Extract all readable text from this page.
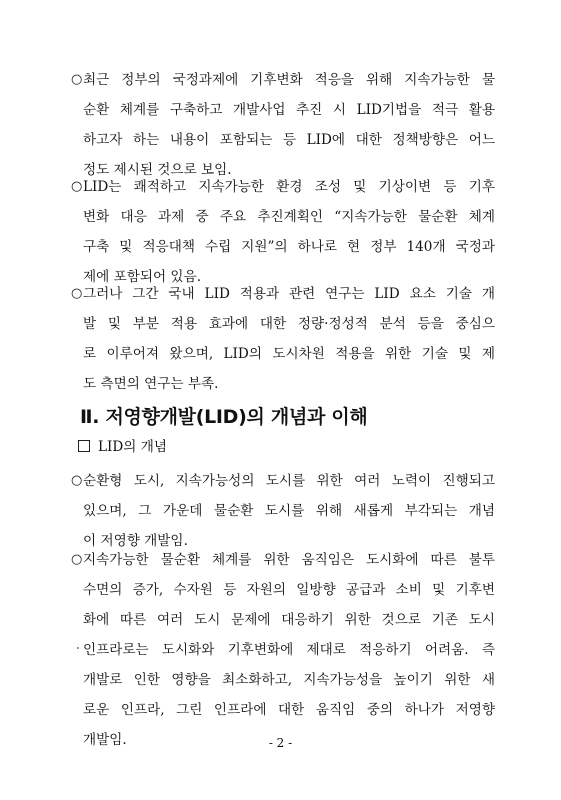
○ 최근 정부의 국정과제에 기후변화 적응을 위해 지속가능한 물
순환 체계를 구축하고 개발사업 추진 시 LID기법을 적극 활용
하고자 하는 내용이 포함되는 등 LID에 대한 정책방향은 어느
정도 제시된 것으로 보임.
○ LID는 쾌적하고 지속가능한 환경 조성 및 기상이변 등 기후
변화 대응 과제 중 주요 추진계획인 “지속가능한 물순환 체계
구축 및 적응대책 수립 지원”의 하나로 현 정부 140개 국정과
제에 포함되어 있음.
○ 그러나 그간 국내 LID 적용과 관련 연구는 LID 요소 기술 개
발 및 부분 적용 효과에 대한 정량·정성적 분석 등을 중심으
로 이루어져 왔으며, LID의 도시차원 적용을 위한 기술 및 제
도 측면의 연구는 부족.
Ⅱ. 저영향개발(LID)의 개념과 이해
LID의 개념
○ 순환형 도시, 지속가능성의 도시를 위한 여러 노력이 진행되고
있으며, 그 가운데 물순환 도시를 위해 새롭게 부각되는 개념
이 저영향 개발임.
○ 지속가능한 물순환 체계를 위한 움직임은 도시화에 따른 불투
수면의 증가, 수자원 등 자원의 일방향 공급과 소비 및 기후변
화에 따른 여러 도시 문제에 대응하기 위한 것으로 기존 도시
인프라로는 도시화와 기후변화에 제대로 적응하기 어려움. 즉
개발로 인한 영향을 최소화하고, 지속가능성을 높이기 위한 새
로운 인프라, 그린 인프라에 대한 움직임 중의 하나가 저영향
개발임.	- 2 -
